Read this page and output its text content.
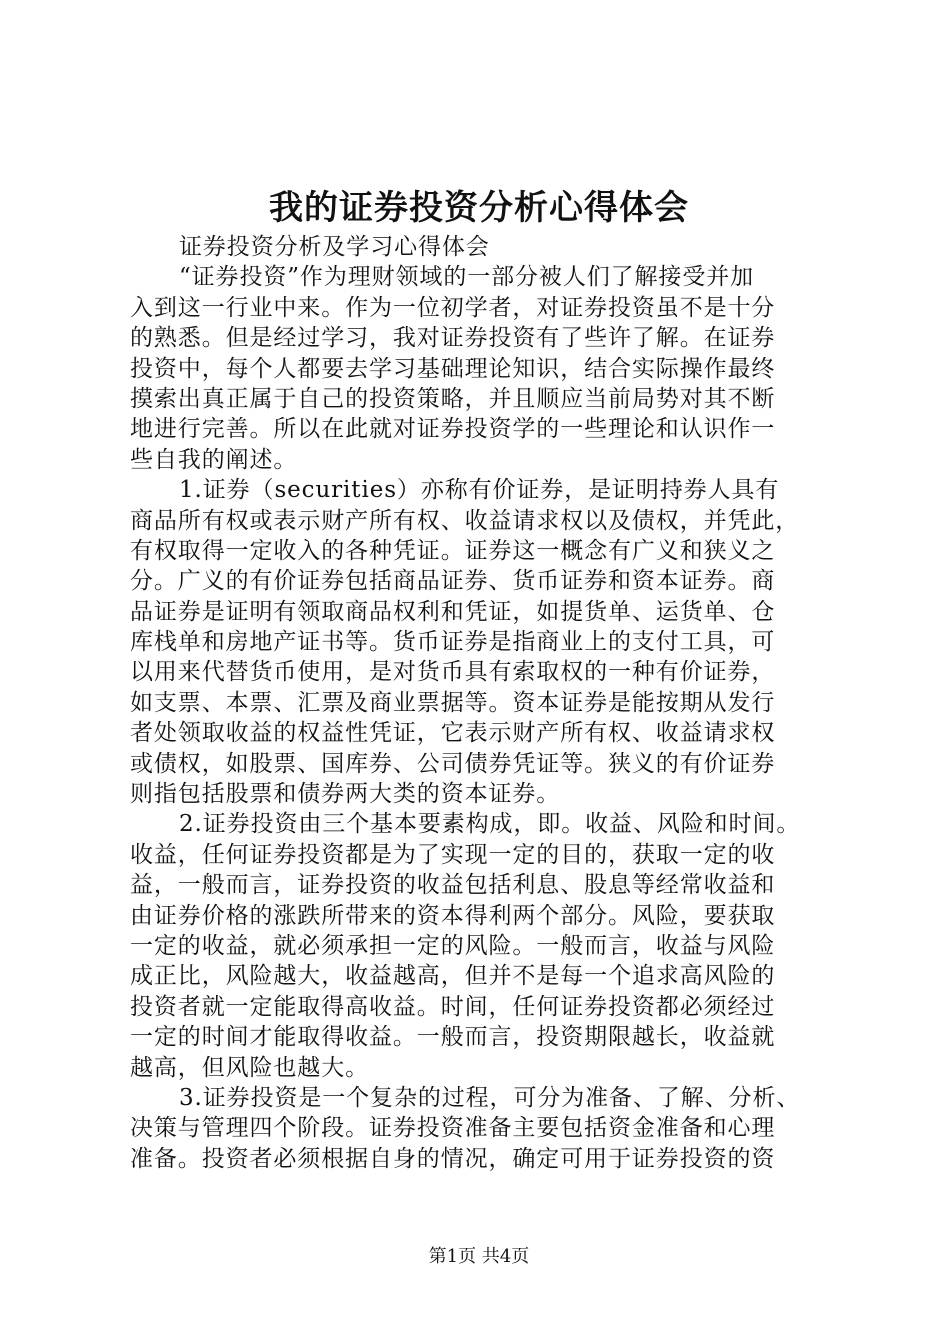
我的证券投资分析心得体会
证券投资分析及学习心得体会
“证券投资”作为理财领域的一部分被人们了解接受并加
入到这一行业中来。作为一位初学者，对证券投资虽不是十分
的熟悉。但是经过学习，我对证券投资有了些许了解。在证券
投资中，每个人都要去学习基础理论知识，结合实际操作最终
摸索出真正属于自己的投资策略，并且顺应当前局势对其不断
地进行完善。所以在此就对证券投资学的一些理论和认识作一
些自我的阐述。
1.证券（securities）亦称有价证券，是证明持券人具有
商品所有权或表示财产所有权、收益请求权以及债权，并凭此，
有权取得一定收入的各种凭证。证券这一概念有广义和狭义之
分。广义的有价证券包括商品证券、货币证券和资本证券。商
品证券是证明有领取商品权利和凭证，如提货单、运货单、仓
库栈单和房地产证书等。货币证券是指商业上的支付工具，可
以用来代替货币使用，是对货币具有索取权的一种有价证券，
如支票、本票、汇票及商业票据等。资本证券是能按期从发行
者处领取收益的权益性凭证，它表示财产所有权、收益请求权
或债权，如股票、国库券、公司债券凭证等。狭义的有价证券
则指包括股票和债券两大类的资本证券。
2.证券投资由三个基本要素构成，即。收益、风险和时间。
收益，任何证券投资都是为了实现一定的目的，获取一定的收
益，一般而言，证券投资的收益包括利息、股息等经常收益和
由证券价格的涨跌所带来的资本得利两个部分。风险，要获取
一定的收益，就必须承担一定的风险。一般而言，收益与风险
成正比，风险越大，收益越高，但并不是每一个追求高风险的
投资者就一定能取得高收益。时间，任何证券投资都必须经过
一定的时间才能取得收益。一般而言，投资期限越长，收益就
越高，但风险也越大。
3.证券投资是一个复杂的过程，可分为准备、了解、分析、
决策与管理四个阶段。证券投资准备主要包括资金准备和心理
准备。投资者必须根据自身的情况，确定可用于证券投资的资
第1页 共4页
